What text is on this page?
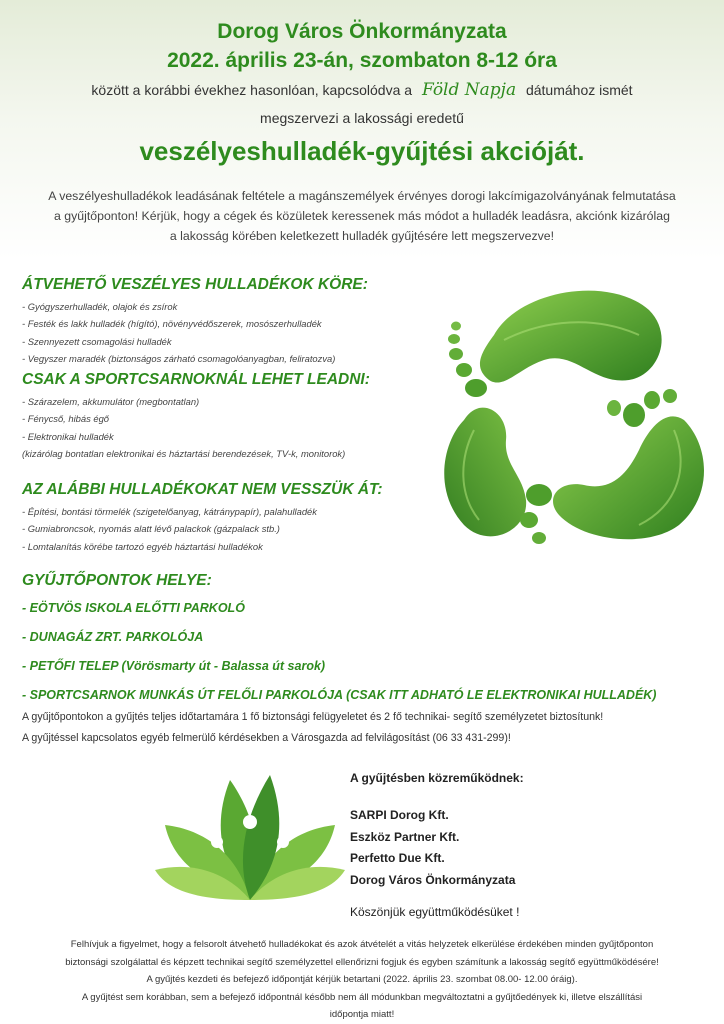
Dorog Város Önkormányzata
2022. április 23-án, szombaton 8-12 óra
között a korábbi évekhez hasonlóan, kapcsolódva a Föld Napja dátumához ismét
megszervezi a lakossági eredetű
veszélyeshulladék-gyűjtési akcióját.
A veszélyeshulladékok leadásának feltétele a magánszemélyek érvényes dorogi lakcímigazolványának felmutatása
a gyűjtőponton! Kérjük, hogy a cégek és közületek keressenek más módot a hulladék leadásra, akciónk kizárólag
a lakosság körében keletkezett hulladék gyűjtésére lett megszervezve!
ÁTVEHETŐ VESZÉLYES HULLADÉKOK KÖRE:
- Gyógyszerhulladék, olajok és zsírok
- Festék és lakk hulladék (hígító), növényvédőszerek, mosószerhulladék
- Szennyezett csomagolási hulladék
- Vegyszer maradék (biztonságos zárható csomagolóanyagban, feliratozva)
CSAK A SPORTCSARNOKNÁL LEHET LEADNI:
- Szárazelem, akkumulátor (megbontatlan)
- Fénycső, hibás égő
- Elektronikai hulladék
(kizárólag bontatlan elektronikai és háztartási berendezések, TV-k, monitorok)
AZ ALÁBBI HULLADÉKOKAT NEM VESSZÜK ÁT:
- Építési, bontási törmelék (szigetelőanyag, kátránypapír), palahulladék
- Gumiabroncsok, nyomás alatt lévő palackok (gázpalack stb.)
- Lomtalanítás körébe tartozó egyéb háztartási hulladékok
GYŰJTŐPONTOK HELYE:
- EÖTVÖS ISKOLA ELŐTTI PARKOLÓ
- DUNAGÁZ ZRT. PARKOLÓJA
- PETŐFI TELEP (Vörösmarty út - Balassa út sarok)
- SPORTCSARNOK MUNKÁS ÚT FELŐLI PARKOLÓJA (CSAK ITT ADHATÓ LE ELEKTRONIKAI HULLADÉK)
A gyűjtőpontokon a gyűjtés teljes időtartamára 1 fő biztonsági felügyeletet és 2 fő technikai- segítő személyzetet biztosítunk!
A gyűjtéssel kapcsolatos egyéb felmerülő kérdésekben a Városgazda ad felvilágosítást (06 33 431-299)!
A gyűjtésben közreműködnek:
SARPI Dorog Kft.
Eszköz Partner Kft.
Perfetto Due Kft.
Dorog Város Önkormányzata
Köszönjük együttműködésüket !
Felhívjuk a figyelmet, hogy a felsorolt átvehető hulladékokat és azok átvételét a vitás helyzetek elkerülése érdekében minden gyűjtőponton
biztonsági szolgálattal és képzett technikai segítő személyzettel ellenőrizni fogjuk és egyben számítunk a lakosság segítő együttműködésére!
A gyűjtés kezdeti és befejező időpontját kérjük betartani (2022. április 23. szombat 08.00- 12.00 óráig).
A gyűjtést sem korábban, sem a befejező időpontnál később nem áll módunkban megváltoztatni a gyűjtőedények ki, illetve elszállítási
időpontja miatt!
